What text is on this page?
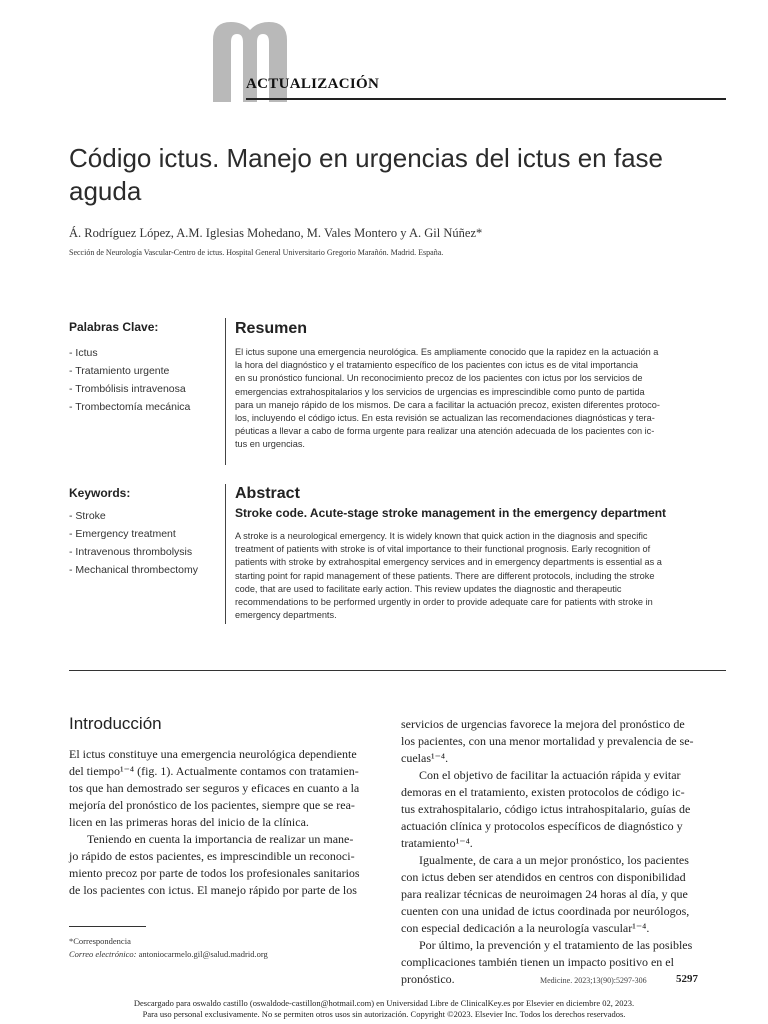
ACTUALIZACIÓN
Código ictus. Manejo en urgencias del ictus en fase aguda
Á. Rodríguez López, A.M. Iglesias Mohedano, M. Vales Montero y A. Gil Núñez*
Sección de Neurología Vascular-Centro de ictus. Hospital General Universitario Gregorio Marañón. Madrid. España.
Palabras Clave:
- Ictus
- Tratamiento urgente
- Trombólisis intravenosa
- Trombectomía mecánica
Resumen
El ictus supone una emergencia neurológica. Es ampliamente conocido que la rapidez en la actuación a
la hora del diagnóstico y el tratamiento específico de los pacientes con ictus es de vital importancia
en su pronóstico funcional. Un reconocimiento precoz de los pacientes con ictus por los servicios de
emergencias extrahospitalarios y los servicios de urgencias es imprescindible como punto de partida
para un manejo rápido de los mismos. De cara a facilitar la actuación precoz, existen diferentes protoco-
los, incluyendo el código ictus. En esta revisión se actualizan las recomendaciones diagnósticas y tera-
péuticas a llevar a cabo de forma urgente para realizar una atención adecuada de los pacientes con ic-
tus en urgencias.
Keywords:
- Stroke
- Emergency treatment
- Intravenous thrombolysis
- Mechanical thrombectomy
Abstract
Stroke code. Acute-stage stroke management in the emergency department
A stroke is a neurological emergency. It is widely known that quick action in the diagnosis and specific
treatment of patients with stroke is of vital importance to their functional prognosis. Early recognition of
patients with stroke by extrahospital emergency services and in emergency departments is essential as a
starting point for rapid management of these patients. There are different protocols, including the stroke
code, that are used to facilitate early action. This review updates the diagnostic and therapeutic
recommendations to be performed urgently in order to provide adequate care for patients with stroke in
emergency departments.
Introducción
El ictus constituye una emergencia neurológica dependiente
del tiempo¹⁻⁴ (fig. 1). Actualmente contamos con tratamien-
tos que han demostrado ser seguros y eficaces en cuanto a la
mejoría del pronóstico de los pacientes, siempre que se rea-
licen en las primeras horas del inicio de la clínica.
Teniendo en cuenta la importancia de realizar un mane-
jo rápido de estos pacientes, es imprescindible un reconoci-
miento precoz por parte de todos los profesionales sanitarios
de los pacientes con ictus. El manejo rápido por parte de los
servicios de urgencias favorece la mejora del pronóstico de
los pacientes, con una menor mortalidad y prevalencia de se-
cuelas¹⁻⁴.
Con el objetivo de facilitar la actuación rápida y evitar
demoras en el tratamiento, existen protocolos de código ic-
tus extrahospitalario, código ictus intrahospitalario, guías de
actuación clínica y protocolos específicos de diagnóstico y
tratamiento¹⁻⁴.
Igualmente, de cara a un mejor pronóstico, los pacientes
con ictus deben ser atendidos en centros con disponibilidad
para realizar técnicas de neuroimagen 24 horas al día, y que
cuenten con una unidad de ictus coordinada por neurólogos,
con especial dedicación a la neurología vascular¹⁻⁴.
Por último, la prevención y el tratamiento de las posibles
complicaciones también tienen un impacto positivo en el
pronóstico.
*Correspondencia
Correo electrónico: antoniocarmelo.gil@salud.madrid.org
Medicine. 2023;13(90):5297-306	5297
Descargado para oswaldo castillo (oswaldode-castillon@hotmail.com) en Universidad Libre de ClinicalKey.es por Elsevier en diciembre 02, 2023.
Para uso personal exclusivamente. No se permiten otros usos sin autorización. Copyright ©2023. Elsevier Inc. Todos los derechos reservados.
